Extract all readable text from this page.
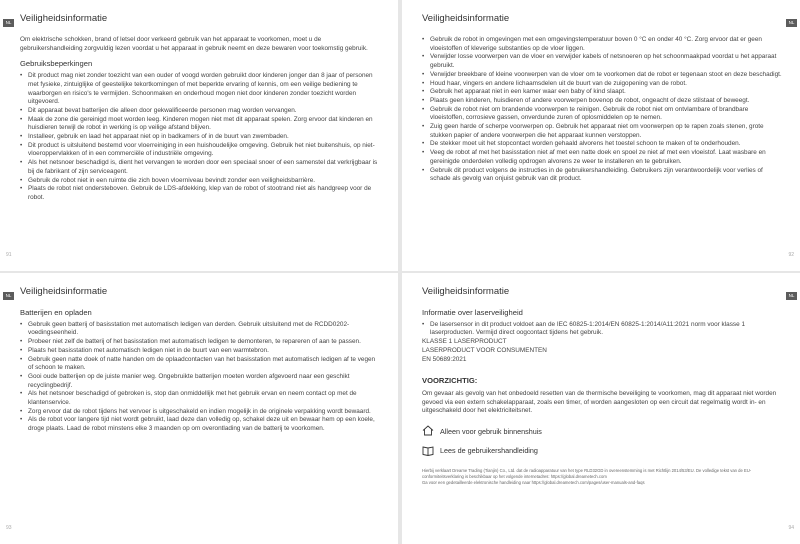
NL Veiligheidsinformatie

Om elektrische schokken, brand of letsel door verkeerd gebruik van het apparaat te voorkomen, moet u de gebruikershandleiding zorgvuldig lezen voordat u het apparaat in gebruik neemt en deze bewaren voor toekomstig gebruik.

Gebruiksbeperkingen
• Dit product mag niet zonder toezicht van een ouder of voogd worden gebruikt door kinderen jonger dan 8 jaar of personen met fysieke, zintuiglijke of geestelijke tekortkomingen of met beperkte ervaring of kennis, om een veilige bediening te waarborgen en risico's te vermijden. Schoonmaken en onderhoud mogen niet door kinderen zonder toezicht worden uitgevoerd.
• Dit apparaat bevat batterijen die alleen door gekwalificeerde personen mag worden vervangen.
• Maak de zone die gereinigd moet worden leeg. Kinderen mogen niet met dit apparaat spelen. Zorg ervoor dat kinderen en huisdieren terwijl de robot in werking is op veilige afstand blijven.
• Installeer, gebruik en laad het apparaat niet op in badkamers of in de buurt van zwembaden.
• Dit product is uitsluitend bestemd voor vloerreiniging in een huishoudelijke omgeving. Gebruik het niet buitenshuis, op niet-vloeroppervlakken of in een commerciële of industriële omgeving.
• Als het netsnoer beschadigd is, dient het vervangen te worden door een speciaal snoer of een samenstel dat verkrijgbaar is bij de fabrikant of zijn serviceagent.
• Gebruik de robot niet in een ruimte die zich boven vloerniveau bevindt zonder een veiligheidsbarrière.
• Plaats de robot niet ondersteboven. Gebruik de LDS-afdekking, klep van de robot of stootrand niet als handgreep voor de robot.
91
NL
Veiligheidsinformatie
• Gebruik de robot in omgevingen met een omgevingstemperatuur boven 0 °C en onder 40 °C. Zorg ervoor dat er geen vloeistoffen of kleverige substanties op de vloer liggen.
• Verwijder losse voorwerpen van de vloer en verwijder kabels of netsnoeren op het schoonmaakpad voordat u het apparaat gebruikt.
• Verwijder breekbare of kleine voorwerpen van de vloer om te voorkomen dat de robot er tegenaan stoot en deze beschadigt.
• Houd haar, vingers en andere lichaamsdelen uit de buurt van de zuigopening van de robot.
• Gebruik het apparaat niet in een kamer waar een baby of kind slaapt.
• Plaats geen kinderen, huisdieren of andere voorwerpen bovenop de robot, ongeacht of deze stilstaat of beweegt.
• Gebruik de robot niet om brandende voorwerpen te reinigen. Gebruik de robot niet om ontvlambare of brandbare vloeistoffen, corrosieve gassen, onverdunde zuren of oplosmiddelen op te nemen.
• Zuig geen harde of scherpe voorwerpen op. Gebruik het apparaat niet om voorwerpen op te rapen zoals stenen, grote stukken papier of andere voorwerpen die het apparaat kunnen verstoppen.
• De stekker moet uit het stopcontact worden gehaald alvorens het toestel schoon te maken of te onderhouden.
• Veeg de robot af met het basisstation niet af met een natte doek en spoel ze niet af met een vloeistof. Laat wasbare en gereinigde onderdelen volledig opdrogen alvorens ze weer te installeren en te gebruiken.
• Gebruik dit product volgens de instructies in de gebruikershandleiding. Gebruikers zijn verantwoordelijk voor verlies of schade als gevolg van onjuist gebruik van dit product.
92
NL Veiligheidsinformatie
Batterijen en opladen
• Gebruik geen batterij of basisstation met automatisch ledigen van derden. Gebruik uitsluitend met de RCDD0202-voedingseenheid.
• Probeer niet zelf de batterij of het basisstation met automatisch ledigen te demonteren, te repareren of aan te passen.
• Plaats het basisstation met automatisch ledigen niet in de buurt van een warmtebron.
• Gebruik geen natte doek of natte handen om de oplaadcontacten van het basisstation met automatisch ledigen af te vegen of schoon te maken.
• Gooi oude batterijen op de juiste manier weg. Ongebruikte batterijen moeten worden afgevoerd naar een geschikt recyclingbedrijf.
• Als het netsnoer beschadigd of gebroken is, stop dan onmiddellijk met het gebruik ervan en neem contact op met de klantenservice.
• Zorg ervoor dat de robot tijdens het vervoer is uitgeschakeld en indien mogelijk in de originele verpakking wordt bewaard.
• Als de robot voor langere tijd niet wordt gebruikt, laad deze dan volledig op, schakel deze uit en bewaar hem op een koele, droge plaats. Laad de robot minstens elke 3 maanden op om overontlading van de batterij te voorkomen.
93
NL
Veiligheidsinformatie
Informatie over laserveiligheid
• De lasersensor in dit product voldoet aan de IEC 60825-1:2014/EN 60825-1:2014/A11:2021 norm voor klasse 1 laserproducten. Vermijd direct oogcontact tijdens het gebruik.

KLASSE 1 LASERPRODUCT

LASERPRODUCT VOOR CONSUMENTEN

EN 50689:2021

VOORZICHTIG:

Om gevaar als gevolg van het onbedoeld resetten van de thermische beveiliging te voorkomen, mag dit apparaat niet worden gevoed via een extern schakelapparaat, zoals een timer, of worden aangesloten op een circuit dat regelmatig wordt in- en uitgeschakeld door het elektriciteitsnet.

Alleen voor gebruik binnenshuis
Lees de gebruikershandleiding
Hierbij verklaart Dreame Trading (Tianjin) Co., Ltd. dat de radioapparatuur van het type RLD32GD in overeenstemming is met Richtlijn 2014/53/EU. De volledige tekst van de EU-conformiteitsverklaring is beschikbaar op het volgende internetadres: https://global.dreametech.com
Ga voor een gedetailleerde elektronische handleiding naar https://global.dreametech.com/pages/user-manuals-and-faqs
94
